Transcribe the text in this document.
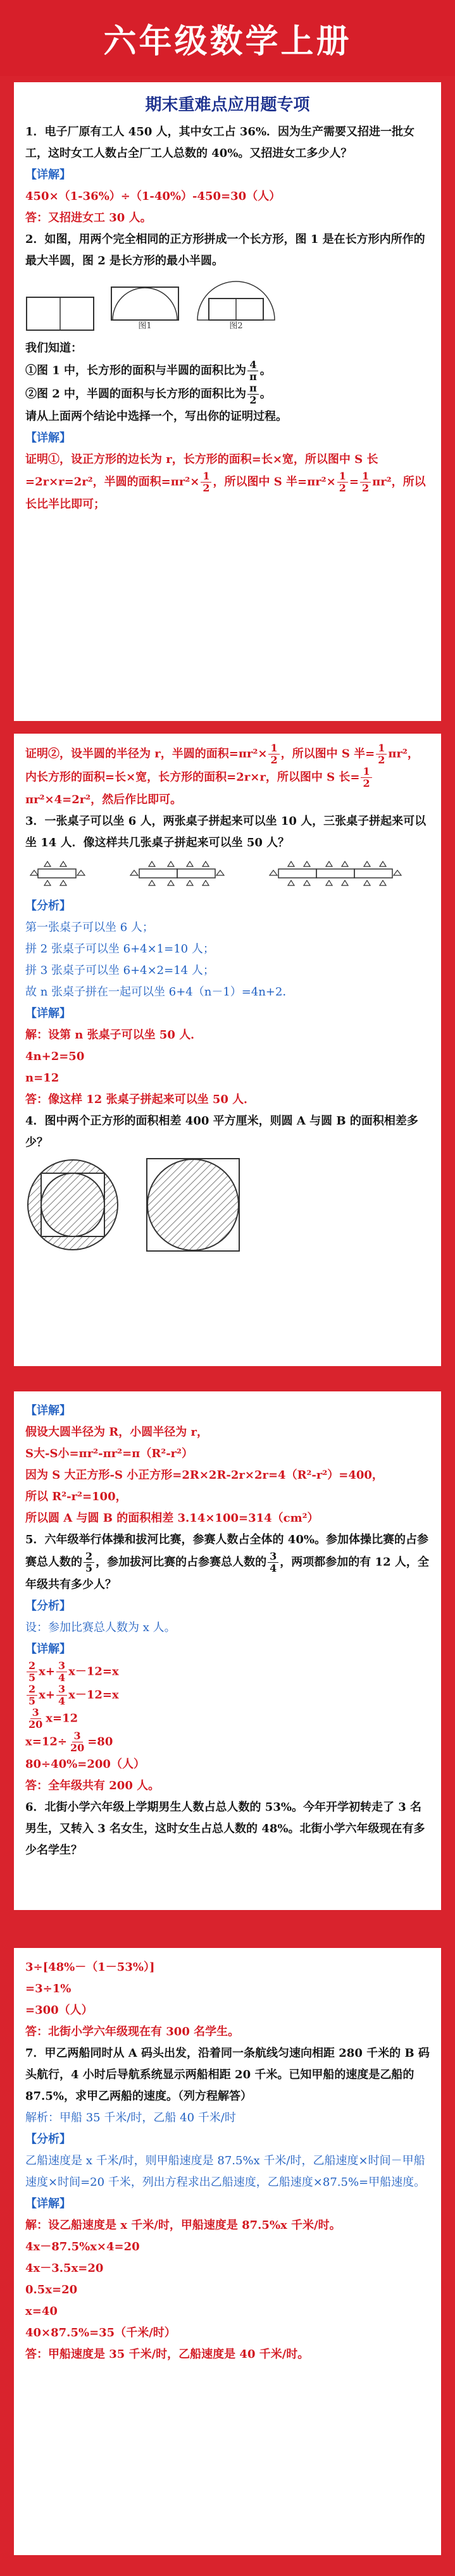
六年级数学上册

期末重难点应用题专项

1．电子厂原有工人 450 人，其中女工占 36%．因为生产需要又招进一批女工，这时女工人数占全厂工人总数的 40%。又招进女工多少人？

【详解】

450×（1-36%）÷（1-40%）-450=30（人）

答：又招进女工 30 人。

2．如图，用两个完全相同的正方形拼成一个长方形，图 1 是在长方形内所作的最大半圆，图 2 是长方形的最小半圆。

图1	图2

我们知道：

①图 1 中，长方形的面积与半圆的面积比为 $\frac{4}{\pi}$ 。

②图 2 中，半圆的面积与长方形的面积比为 $\frac{\pi}{2}$ 。

请从上面两个结论中选择一个，写出你的证明过程。

【详解】

证明①，设正方形的边长为 r，长方形的面积=长×宽，所以图中 S 长=2r×r=2r²，半圆的面积$=\pi r^2\times \frac{1}{2}$ ，所以图中 S 半$=\pi r^2\times \frac{1}{2} = \frac{1}{2} \pi r^2$，所以长比半比即可；

证明②，设半圆的半径为 r，半圆的面积$=\pi r^2\times \frac{1}{2}$ ，所以图中 S 半= $\frac{1}{2} \pi r^2$，内长方形的面积=长×宽，长方形的面积=2r×r，所以图中 S 长= $\frac{1}{2}$
πr²×4=2r²，然后作比即可。

3．一张桌子可以坐 6 人，两张桌子拼起来可以坐 10 人，三张桌子拼起来可以坐 14 人．像这样共几张桌子拼起来可以坐 50 人？

【分析】

第一张桌子可以坐 6 人；

拼 2 张桌子可以坐 6+4×1=10 人；

拼 3 张桌子可以坐 6+4×2=14 人；

故 n 张桌子拼在一起可以坐 6+4（n－1）=4n+2．

【详解】

解：设第 n 张桌子可以坐 50 人．

4n+2=50

n=12

答：像这样 12 张桌子拼起来可以坐 50 人．

4．图中两个正方形的面积相差 400 平方厘米，则圆 A 与圆 B 的面积相差多少？

【详解】

假设大圆半径为 R，小圆半径为 r，

S大-S小=πr²-πr²=π（R²-r²）

因为 S 大正方形-S 小正方形=2R×2R-2r×2r=4（R²-r²）=400，

所以 R²-r²=100，

所以圆 A 与圆 B 的面积相差 3.14×100=314（cm²）

5．六年级举行体操和拔河比赛，参赛人数占全体的 40%。参加体操比赛的占参赛总人数的 $\frac{2}{5}$ ，参加拔河比赛的占参赛总人数的 $\frac{3}{4}$ ，两项都参加的有 12 人，全年级共有多少人？

【分析】

设：参加比赛总人数为 x 人。

【详解】

$\frac{2}{5} x+ \frac{3}{4} x-12=x$

$\frac{2}{5} x+ \frac{3}{4} x-12=x$

$\frac{3}{20} x=12$

$x=12\div \frac{3}{20} =80$

80÷40%=200（人）

答：全年级共有 200 人。

6．北街小学六年级上学期男生人数占总人数的 53%。今年开学初转走了 3 名男生，又转入 3 名女生，这时女生占总人数的 48%。北街小学六年级现在有多少名学生？

3÷[48%－（1－53%）]

=3÷1%

=300（人）

答：北街小学六年级现在有 300 名学生。

7．甲乙两船同时从 A 码头出发，沿着同一条航线匀速向相距 280 千米的 B 码头航行，4 小时后导航系统显示两船相距 20 千米。已知甲船的速度是乙船的 87.5%，求甲乙两船的速度。（列方程解答）

解析：甲船 35 千米/时，乙船 40 千米/时

【分析】

乙船速度是 x 千米/时，则甲船速度是 87.5%x 千米/时，乙船速度×时间－甲船速度×时间=20 千米，列出方程求出乙船速度，乙船速度×87.5%=甲船速度。

【详解】

解：设乙船速度是 x 千米/时，甲船速度是 87.5%x 千米/时。

4x－87.5%x×4=20

4x－3.5x=20

0.5x=20

x=40

40×87.5%=35（千米/时）

答：甲船速度是 35 千米/时，乙船速度是 40 千米/时。
